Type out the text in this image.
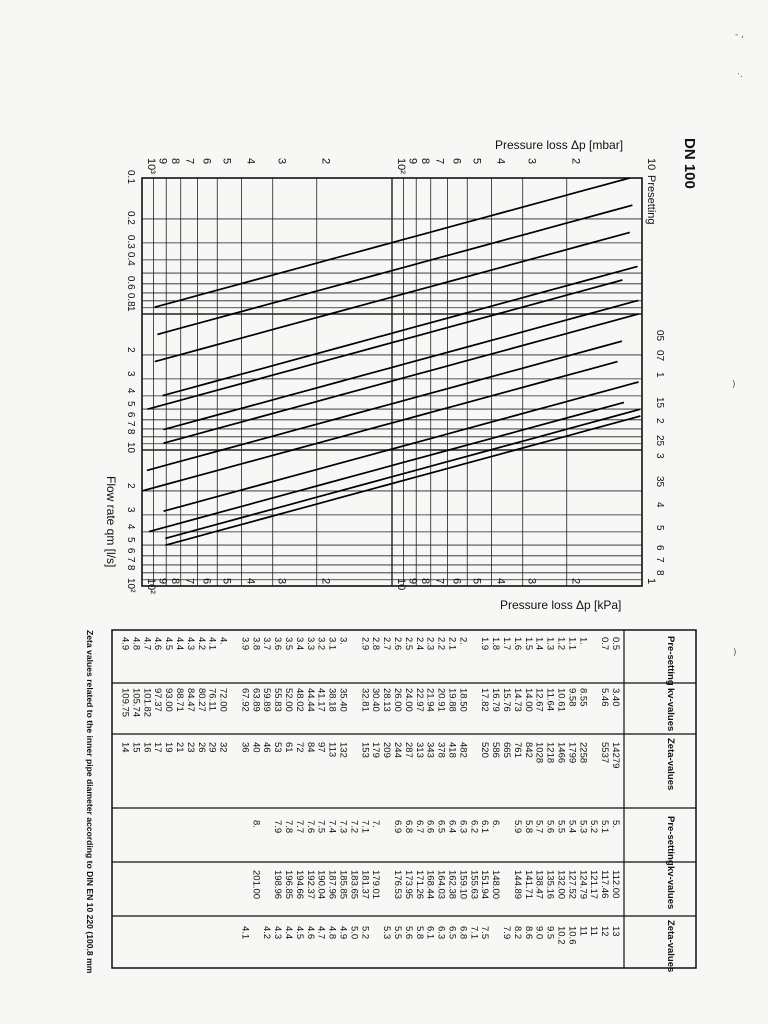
0.1
0.2
0.3
0.4
0.6
0.8
1
2
3
4
5
6
7
8
10
2
3
4
5
6
7
8
10²
10
2
3
4
5
6
7
8
9
10²
2
3
4
5
6
7
8
9
10³
1
2
3
4
5
6
7
8
9
10
2
3
4
5
6
7
8
9
10²
05
07
1
15
2
25
3
35
4
5
6
7
8
Pre-setting
kv-values
Zeta-values
Pre-setting
kv-values
Zeta-values
0.5
0.7
1.
1.1
1.2
1.3
1.4
1.5
1.6
1.7
1.8
1.9
2.
2.1
2.2
2.3
2.4
2.5
2.6
2.7
2.8
2.9
3.
3.1
3.2
3.3
3.4
3.5
3.6
3.7
3.8
3.9
4.
4.1
4.2
4.3
4.4
4.5
4.6
4.7
4.8
4.9
3.40
5.46
8.55
9.58
10.61
11.64
12.67
14.00
14.73
15.76
16.79
17.82
18.50
19.88
20.91
21.94
22.97
24.00
26.00
28.13
30.40
32.81
35.40
38.18
41.17
44.44
48.02
52.00
55.83
59.89
63.89
67.92
72.00
76.11
80.27
84.47
88.71
93.00
97.37
101.82
105.74
109.75
14279
5537
2258
1799
1466
1218
1028
842
761
665
586
520
482
418
378
343
313
287
244
209
179
153
132
113
97
84
72
61
53
46
40
36
32
29
26
23
21
19
17
16
15
14
5.
5.1
5.2
5.3
5.4
5.5
5.6
5.7
5.8
5.9
6.
6.1
6.2
6.3
6.4
6.5
6.6
6.7
6.8
6.9
7.
7.1
7.2
7.3
7.4
7.5
7.6
7.7
7.8
7.9
8.
112.00
117.46
121.17
124.79
127.52
132.00
135.16
138.47
141.71
144.89
148.00
151.94
155.63
159.10
162.38
164.03
168.44
171.26
173.95
176.53
179.01
181.37
183.65
185.85
187.96
190.04
192.37
194.66
196.85
198.96
201.00
13
12
11
11
10.6
10.2
9.5
9.0
8.6
8.2
7.9
7.5
7.1
6.8
6.5
6.3
6.1
5.8
5.6
5.5
5.3
5.2
5.0
4.9
4.8
4.7
4.6
4.5
4.4
4.3
4.2
4.1
DN 100
Pressure loss Δp [mbar]
Pressure loss Δp [kPa]
Presetting
Flow rate qm [l/s]
Zeta values related to the inner pipe diameter according to DIN EN 10 220 (100.8 mm
- ,
·.
)
)
